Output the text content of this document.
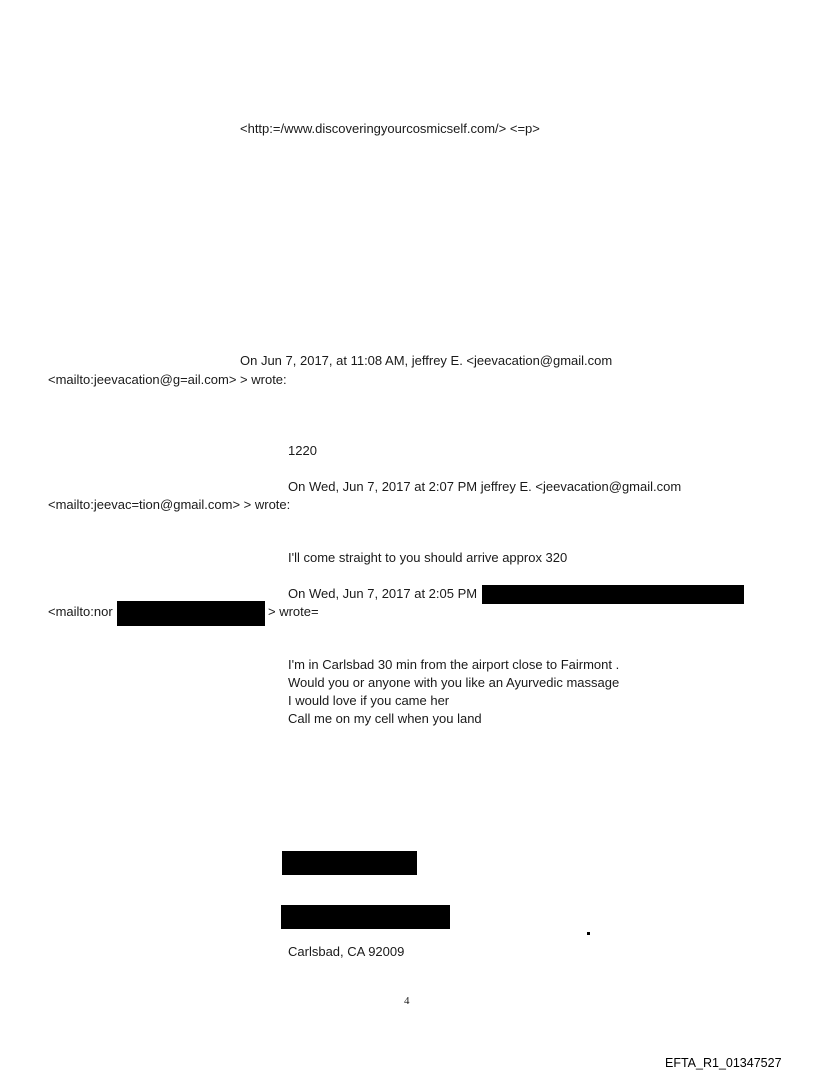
<http:=/www.discoveringyourcosmicself.com/> <=p>
On Jun 7, 2017, at 11:08 AM, jeffrey E. <jeevacation@gmail.com
<mailto:jeevacation@g=ail.com> > wrote:
1220
On Wed, Jun 7, 2017 at 2:07 PM jeffrey E. <jeevacation@gmail.com
<mailto:jeevac=tion@gmail.com> > wrote:
I'll come straight to you should arrive approx 320
On Wed, Jun 7, 2017 at 2:05 PM
<mailto:nor	> wrote=
I'm in Carlsbad 30 min from the airport close to Fairmont .
Would you or anyone with you like an Ayurvedic massage
I would love if you came her
Call me on my cell when you land
Carlsbad, CA 92009
4
EFTA_R1_01347527
